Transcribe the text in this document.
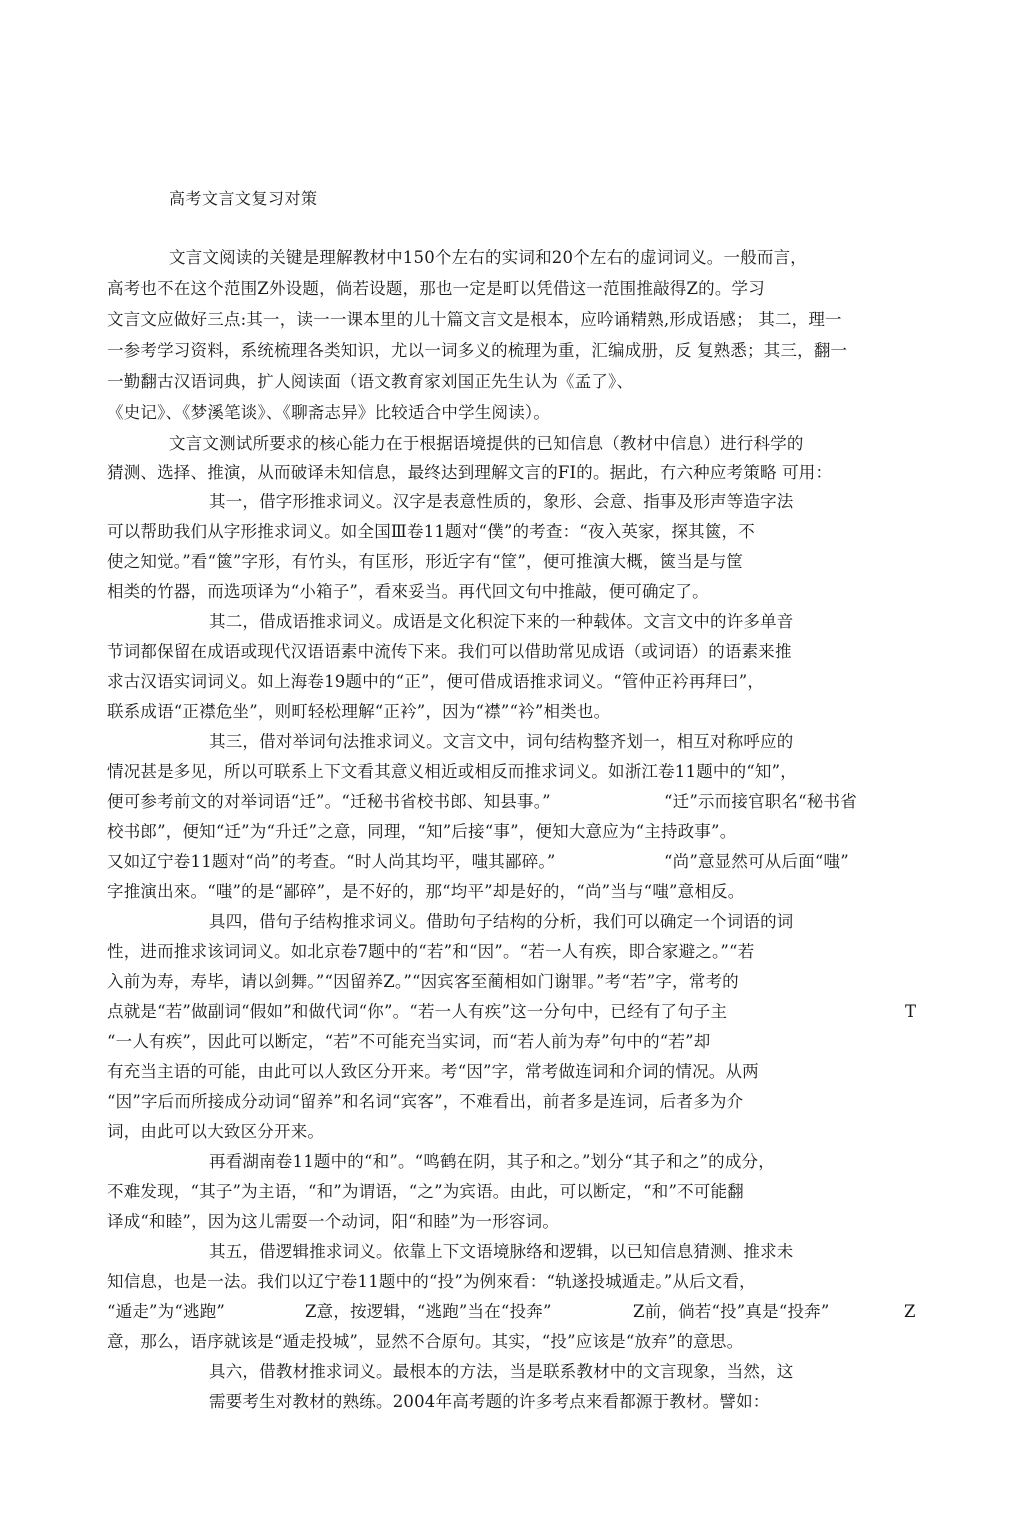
高考文言文复习对策
文言文阅读的关键是理解教材中150个左右的实词和20个左右的虚词词义。一般而言，
高考也不在这个范围Z外设题，倘若设题，那也一定是町以凭借这一范围推敲得Z的。学习
文言文应做好三点:其一，读一一课本里的儿十篇文言文是根本，应吟诵精熟,形成语感； 其二，理一
一参考学习资料，系统梳理各类知识，尤以一词多义的梳理为重，汇编成册，反 复熟悉；其三，翻一
一勤翻古汉语词典，扩人阅读面（语文教育家刘国正先生认为《孟了》、
《史记》、《梦溪笔谈》、《聊斋志异》比较适合中学生阅读）。
文言文测试所要求的核心能力在于根据语境提供的已知信息（教材中信息）进行科学的
猜测、选择、推演，从而破译未知信息，最终达到理解文言的FI的。据此，冇六种应考策略 可用：
其一，借字形推求词义。汉字是表意性质的，象形、会意、指事及形声等造字法
可以帮助我们从字形推求词义。如全国Ⅲ卷11题对“僕”的考查：“夜入英家，探其篋，不
使之知觉。”看“篋”字形，有竹头，有匡形，形近字有“筐”，便可推演大概，篋当是与筐
相类的竹器，而选项译为“小箱子”，看來妥当。再代回文句中推敲，便可确定了。
其二，借成语推求词义。成语是文化积淀下来的一种载体。文言文中的许多单音
节词都保留在成语或现代汉语语素中流传下来。我们可以借助常见成语（或词语）的语素来推
求古汉语实词词义。如上海卷19题中的“正”，便可借成语推求词义。“管仲正衿再拜曰”，
联系成语“正襟危坐”，则町轻松理解“正衿”，因为“襟”“衿”相类也。
其三，借对举词句法推求词义。文言文中，词句结构整齐划一，相互对称呼应的
情况甚是多见，所以可联系上下文看其意义相近或相反而推求词义。如浙江卷11题中的“知”，
便可参考前文的对举词语“迁”。“迁秘书省校书郎、知县事。”	“迁”示而接官职名“秘书省
校书郎”，便知“迁”为“升迁”之意，同理，“知”后接“事”，便知大意应为“主持政事”。
又如辽宁卷11题对“尚”的考查。“时人尚其均平，嗤其鄙碎。”	“尚”意显然可从后面“嗤”
字推演出來。“嗤”的是“鄙碎”，是不好的，那“均平”却是好的，“尚”当与“嗤”意相反。
具四，借句子结构推求词义。借助句子结构的分析，我们可以确定一个词语的词
性，进而推求该词词义。如北京卷7题中的“若”和“因”。“若一人有疾，即合家避之。”“若
入前为寿，寿毕，请以剑舞。”“因留养Z。”“因宾客至蔺相如门谢罪。”考“若”字，常考的
点就是“若”做副词“假如”和做代词“你”。“若一人有疾”这一分句中，已经有了句子主	T
“一人有疾”，因此可以断定，“若”不可能充当实词，而“若人前为寿”句中的“若”却
有充当主语的可能，由此可以人致区分开来。考“因”字，常考做连词和介词的情况。从两
“因”字后而所接成分动词“留养”和名词“宾客”，不难看出，前者多是连词，后者多为介
词，由此可以大致区分开来。
再看湖南卷11题中的“和”。“鸣鹤在阴，其子和之。”划分“其子和之”的成分，
不难发现，“其子”为主语，“和”为谓语，“之”为宾语。由此，可以断定，“和”不可能翻
译成“和睦”，因为这儿需耍一个动词，阳“和睦”为一形容词。
其五，借逻辑推求词义。依靠上下文语境脉络和逻辑，以已知信息猜测、推求未
知信息，也是一法。我们以辽宁卷11题中的“投”为例來看：“轨遂投城遁走。”从后文看，
“遁走”为“逃跑”	Z意，按逻辑，“逃跑”当在“投奔”	Z前，倘若“投”真是“投奔”	Z
意，那么，语序就该是“遁走投城”，显然不合原句。其实，“投”应该是“放弃”的意思。
具六，借教材推求词义。最根本的方法，当是联系教材中的文言现象，当然，这
需要考生对教材的熟练。2004年高考题的许多考点来看都源于教材。譬如：
